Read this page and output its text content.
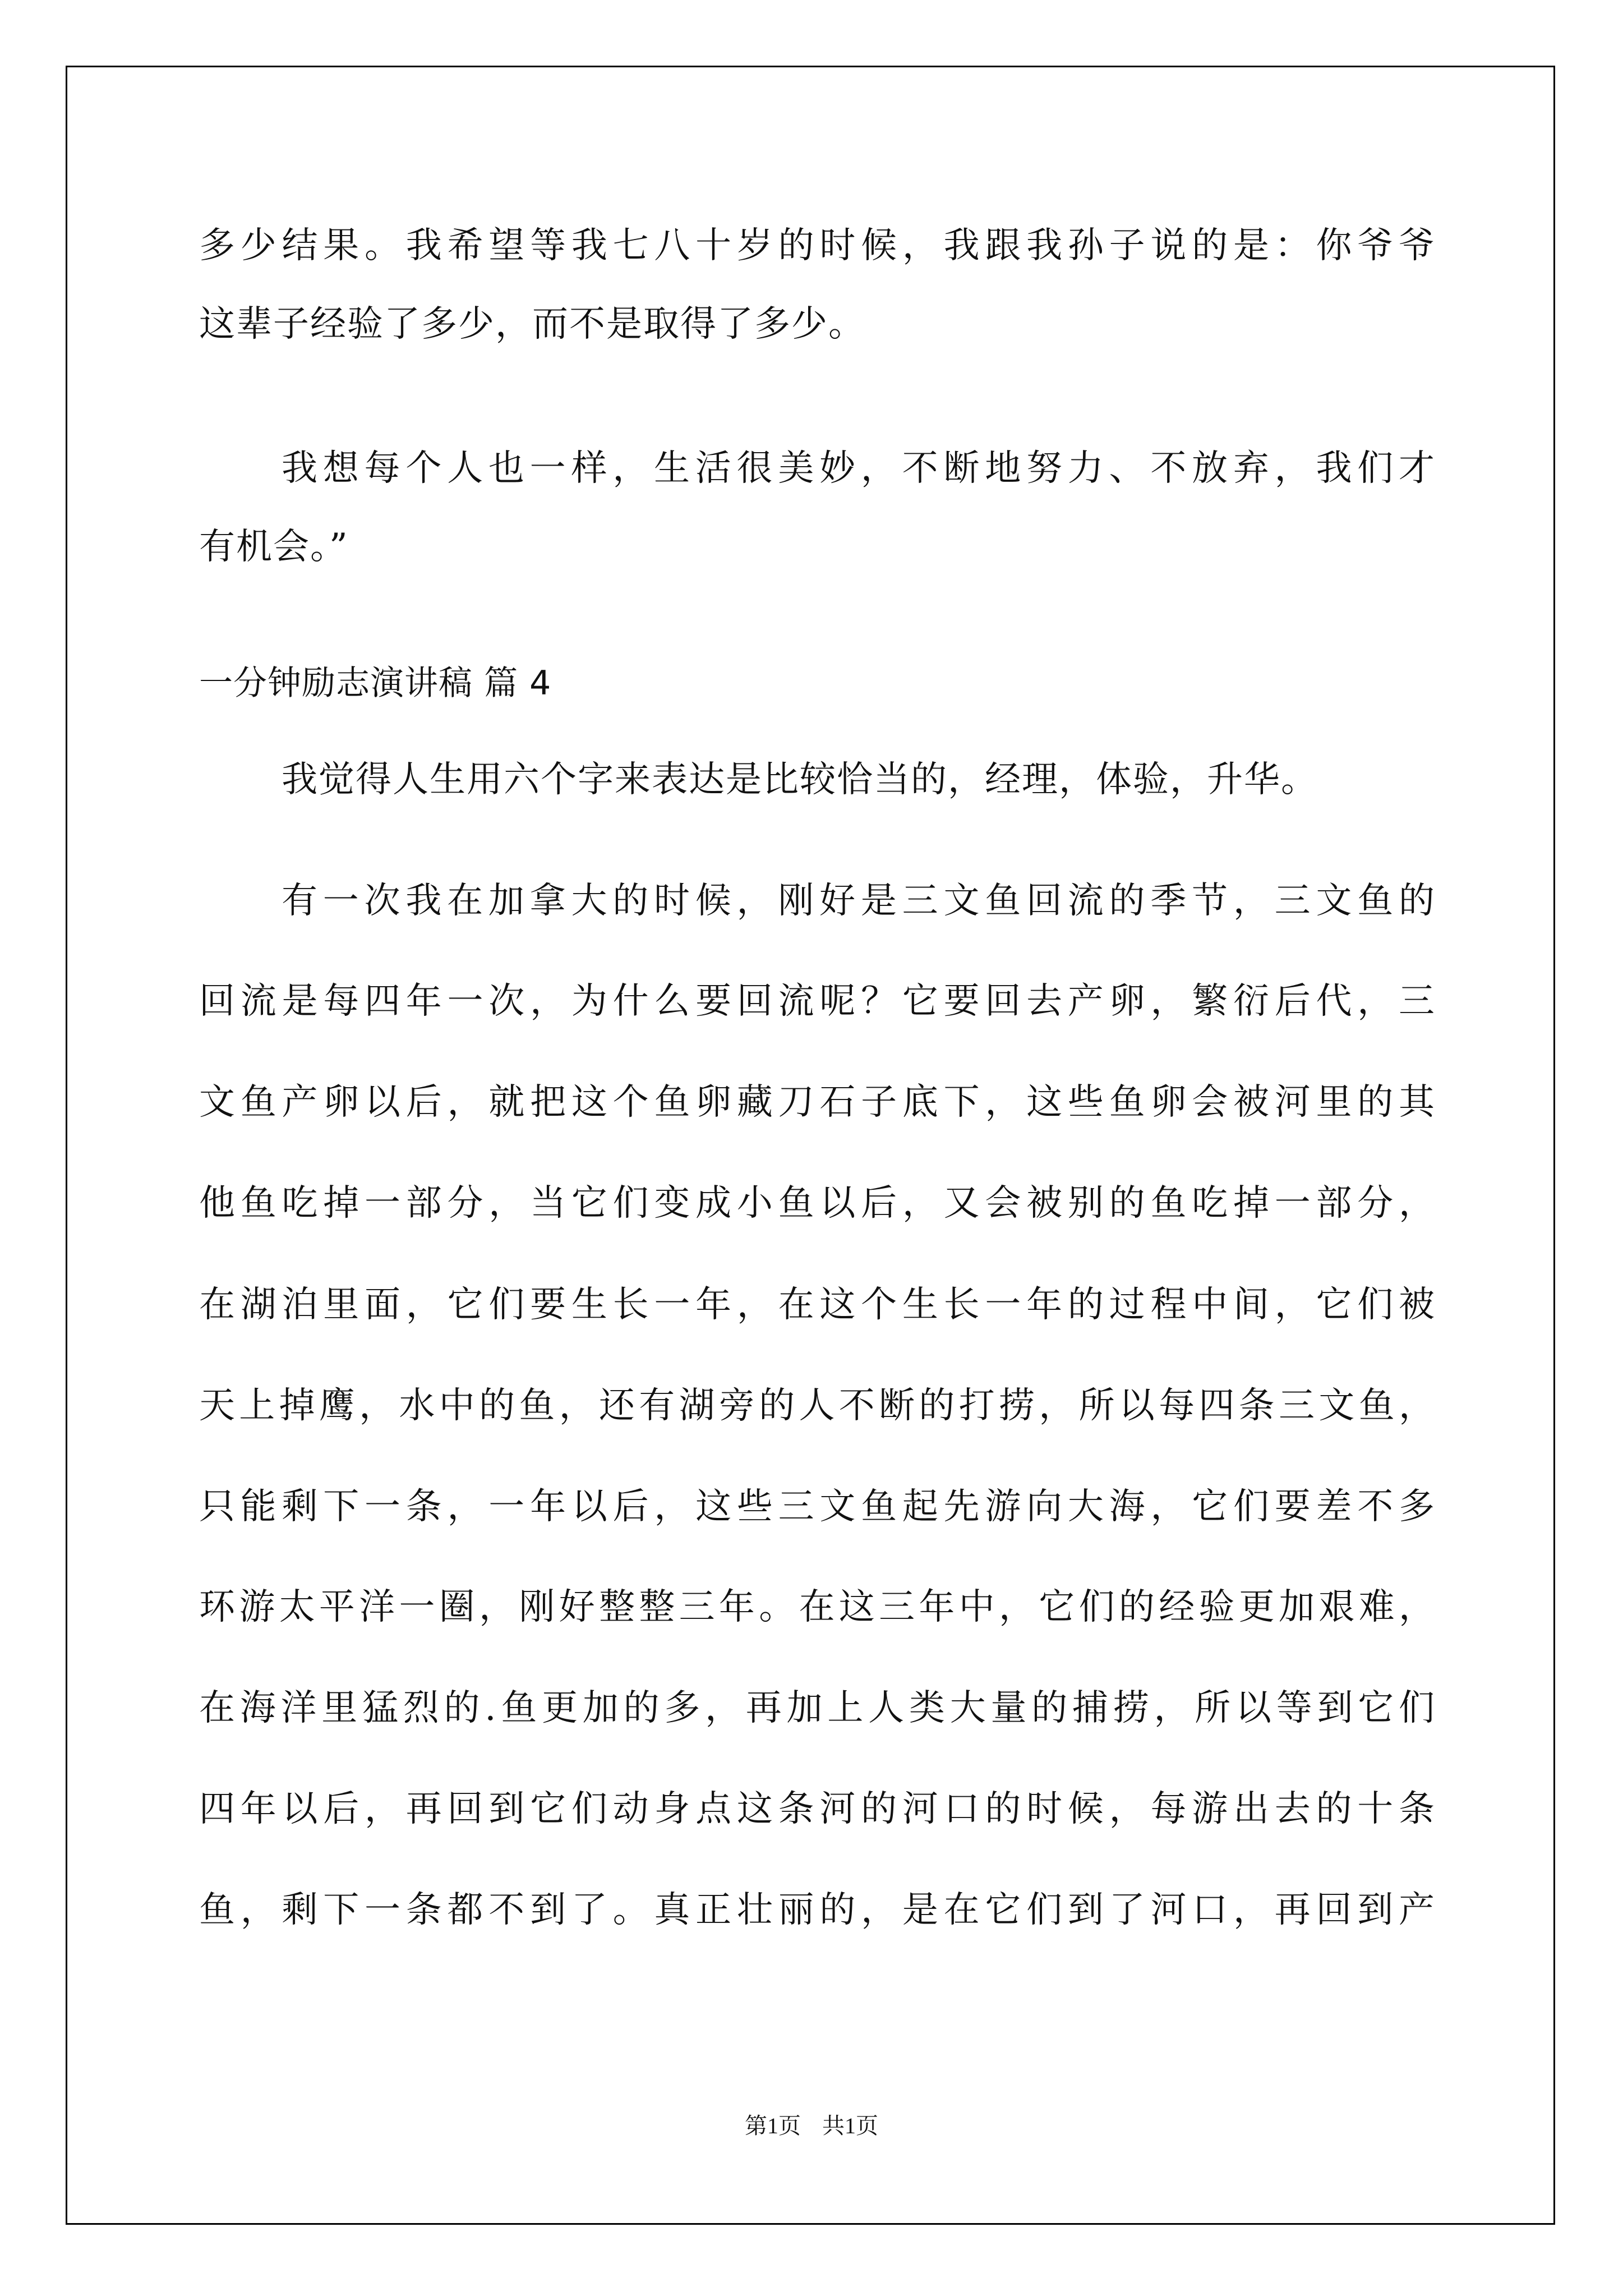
多少结果。我希望等我七八十岁的时候，我跟我孙子说的是：你爷爷
这辈子经验了多少，而不是取得了多少。
我想每个人也一样，生活很美妙，不断地努力、不放弃，我们才
有机会。”
一分钟励志演讲稿 篇 4
我觉得人生用六个字来表达是比较恰当的，经理，体验，升华。
有一次我在加拿大的时候，刚好是三文鱼回流的季节，三文鱼的
回流是每四年一次，为什么要回流呢？它要回去产卵，繁衍后代，三
文鱼产卵以后，就把这个鱼卵藏刀石子底下，这些鱼卵会被河里的其
他鱼吃掉一部分，当它们变成小鱼以后，又会被别的鱼吃掉一部分，
在湖泊里面，它们要生长一年，在这个生长一年的过程中间，它们被
天上掉鹰，水中的鱼，还有湖旁的人不断的打捞，所以每四条三文鱼，
只能剩下一条，一年以后，这些三文鱼起先游向大海，它们要差不多
环游太平洋一圈，刚好整整三年。在这三年中，它们的经验更加艰难，
在海洋里猛烈的.鱼更加的多，再加上人类大量的捕捞，所以等到它们
四年以后，再回到它们动身点这条河的河口的时候，每游出去的十条
鱼，剩下一条都不到了。真正壮丽的，是在它们到了河口，再回到产
第1页 共1页
